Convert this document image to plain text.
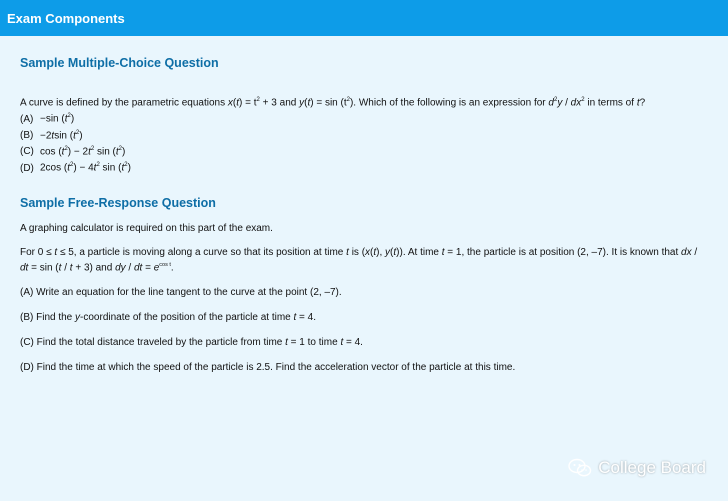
Exam Components
Sample Multiple-Choice Question
A curve is defined by the parametric equations $x(t) = t^2 + 3$ and $y(t) = \sin (t^2)$. Which of the following is an expression for $d^2y / dx^2$ in terms of t?
(A) −sin $(t^2)$
(B) −2tsin $(t^2)$
(C) $\cos (t^2) - 2t^2$ $\sin (t^2)$
(D) 2cos $(t^2) - 4t^2$ $\sin (t^2)$
Sample Free-Response Question

A graphing calculator is required on this part of the exam.

For 0 ≤ t ≤ 5, a particle is moving along a curve so that its position at time t is (x(t), y(t)). At time t = 1, the particle is at position (2, –7). It is known that dx / dt = sin (t / t + 3) and dy / dt = $e^{cos t}$.

(A) Write an equation for the line tangent to the curve at the point (2, –7).

(B) Find the y-coordinate of the position of the particle at time t = 4.

(C) Find the total distance traveled by the particle from time t = 1 to time t = 4.

(D) Find the time at which the speed of the particle is 2.5. Find the acceleration vector of the particle at this time.

College Board
